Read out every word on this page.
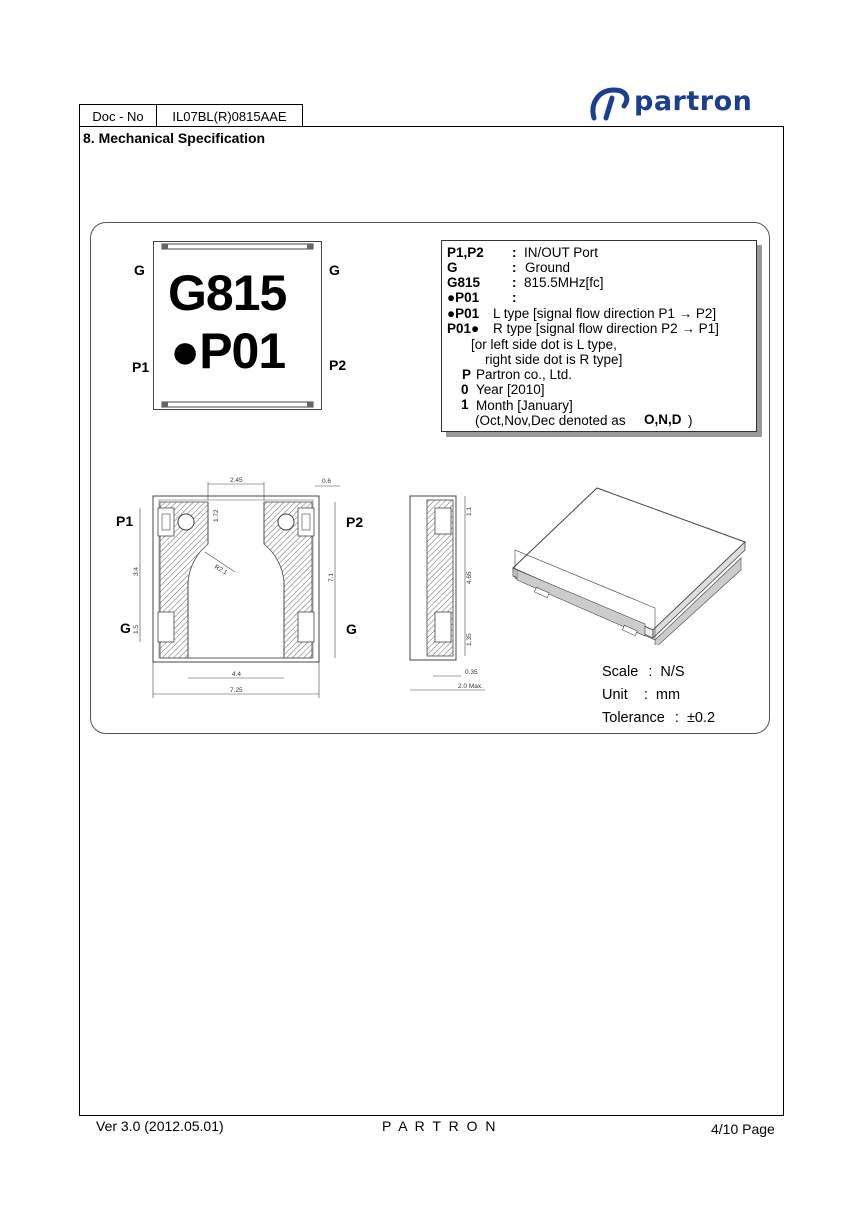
Doc - No	IL07BL(R)0815AAE	partron
8. Mechanical Specification
G815
●P01
G	G
P1	P2
P1,P2 : IN/OUT Port
G	: Ground
G815 : 815.5MHz[fc]
●P01 :
●P01 L type [signal flow direction P1 → P2]
P01● R type [signal flow direction P2 → P1]
[or left side dot is L type,
right side dot is R type]
P Partron co., Ltd.
0 Year [2010]
1 Month [January]
(Oct,Nov,Dec denoted as O,N,D )
2.45	0.6
1.72
R2.1
3.4
1.5
7.1
4.4
7.25
P1	P2
G	G
1.1
4.65
1.35
0.35
2.0 Max.
Scale : N/S
Unit : mm
Tolerance : ±0.2
Ver 3.0 (2012.05.01)	P A R T R O N	4/10 Page
